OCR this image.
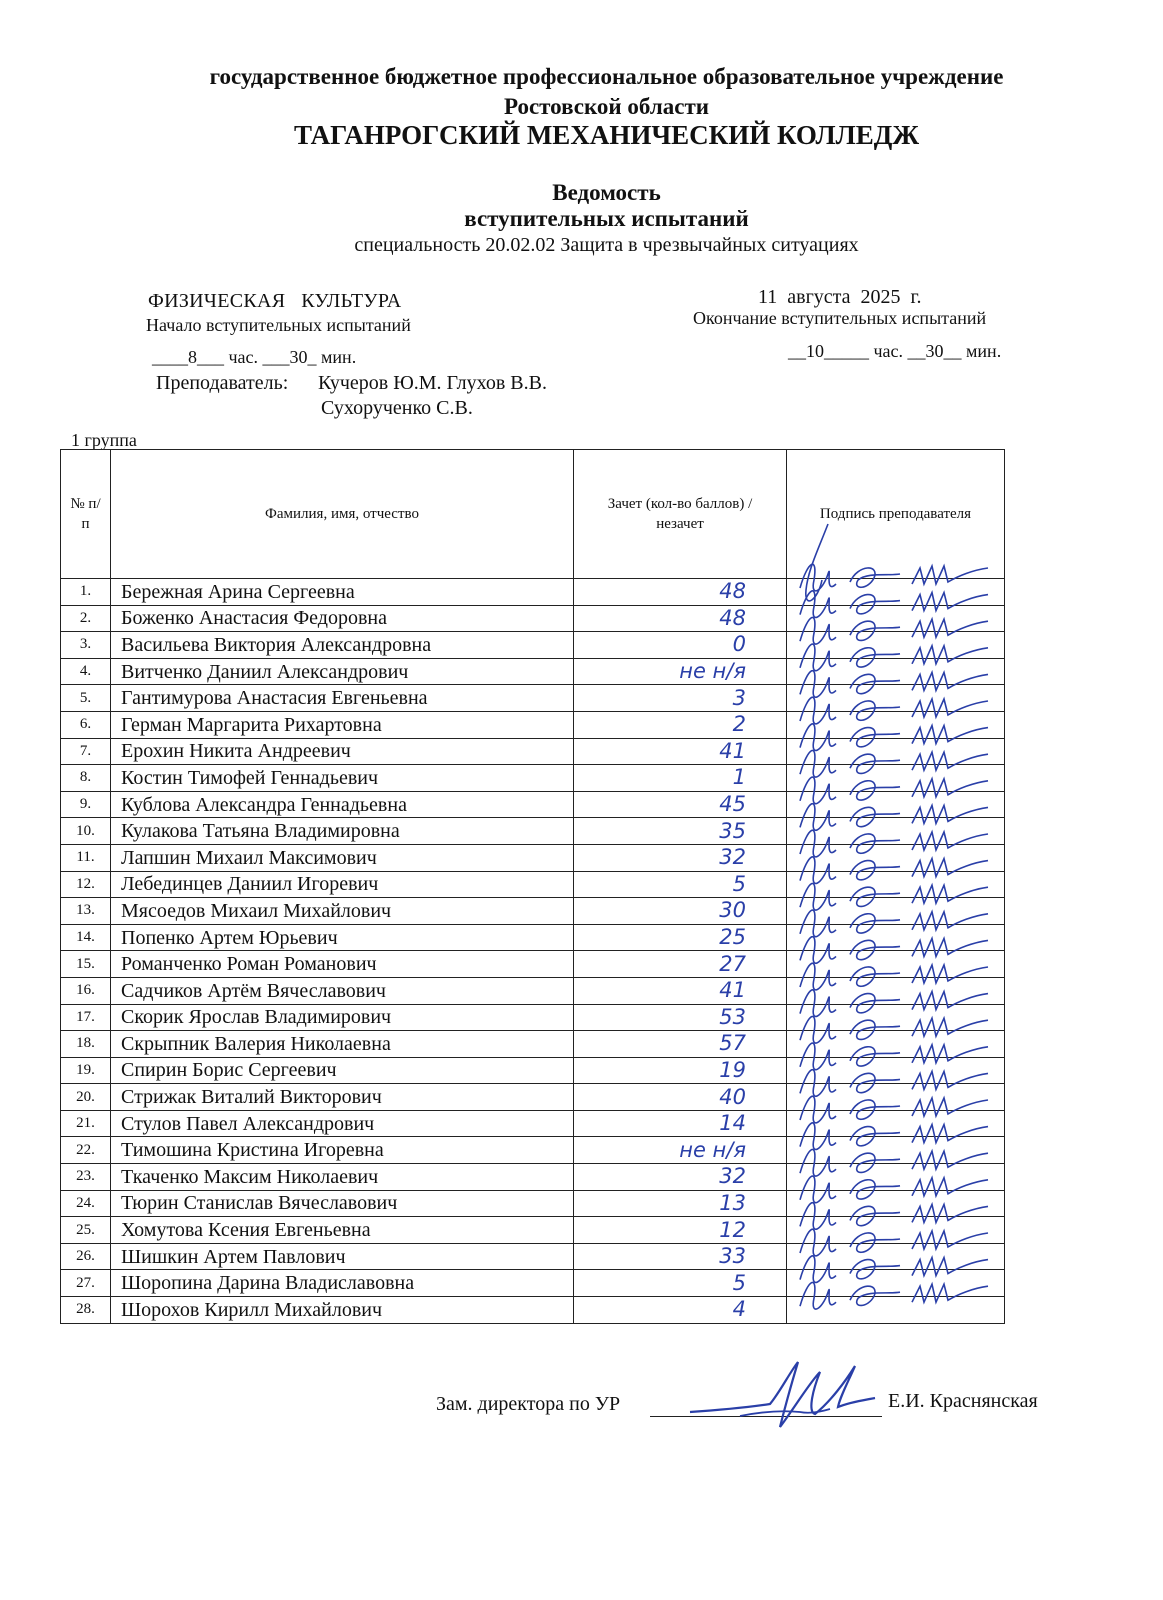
государственное бюджетное профессиональное образовательное учреждение
Ростовской области
ТАГАНРОГСКИЙ МЕХАНИЧЕСКИЙ КОЛЛЕДЖ
Ведомость
вступительных испытаний
специальность 20.02.02 Защита в чрезвычайных ситуациях
ФИЗИЧЕСКАЯ   КУЛЬТУРА	11  августа  2025  г.
Начало вступительных испытаний	Окончание вступительных испытаний
____8___ час. ___30_ мин.	__10_____ час. __30__ мин.
Преподаватель: Кучеров Ю.М. Глухов В.В.
Сухорученко С.В.
1 группа
№ п/п	Фамилия, имя, отчество	Зачет (кол-во баллов) / незачет	Подпись преподавателя
1.	Бережная Арина Сергеевна	48	
2.	Боженко Анастасия Федоровна	48	
3.	Васильева Виктория Александровна	0	
4.	Витченко Даниил Александрович	не н/я	
5.	Гантимурова Анастасия Евгеньевна	3	
6.	Герман Маргарита Рихартовна	2	
7.	Ерохин Никита Андреевич	41	
8.	Костин Тимофей Геннадьевич	1	
9.	Кублова Александра Геннадьевна	45	
10.	Кулакова Татьяна Владимировна	35	
11.	Лапшин Михаил Максимович	32	
12.	Лебединцев Даниил Игоревич	5	
13.	Мясоедов Михаил Михайлович	30	
14.	Попенко Артем Юрьевич	25	
15.	Романченко Роман Романович	27	
16.	Садчиков Артём Вячеславович	41	
17.	Скорик Ярослав Владимирович	53	
18.	Скрыпник Валерия Николаевна	57	
19.	Спирин Борис Сергеевич	19	
20.	Стрижак Виталий Викторович	40	
21.	Стулов Павел Александрович	14	
22.	Тимошина Кристина Игоревна	не н/я	
23.	Ткаченко Максим Николаевич	32	
24.	Тюрин Станислав Вячеславович	13	
25.	Хомутова Ксения Евгеньевна	12	
26.	Шишкин Артем Павлович	33	
27.	Шоропина Дарина Владиславовна	5	
28.	Шорохов Кирилл Михайлович	4	
Зам. директора по УР	Е.И. Краснянская
